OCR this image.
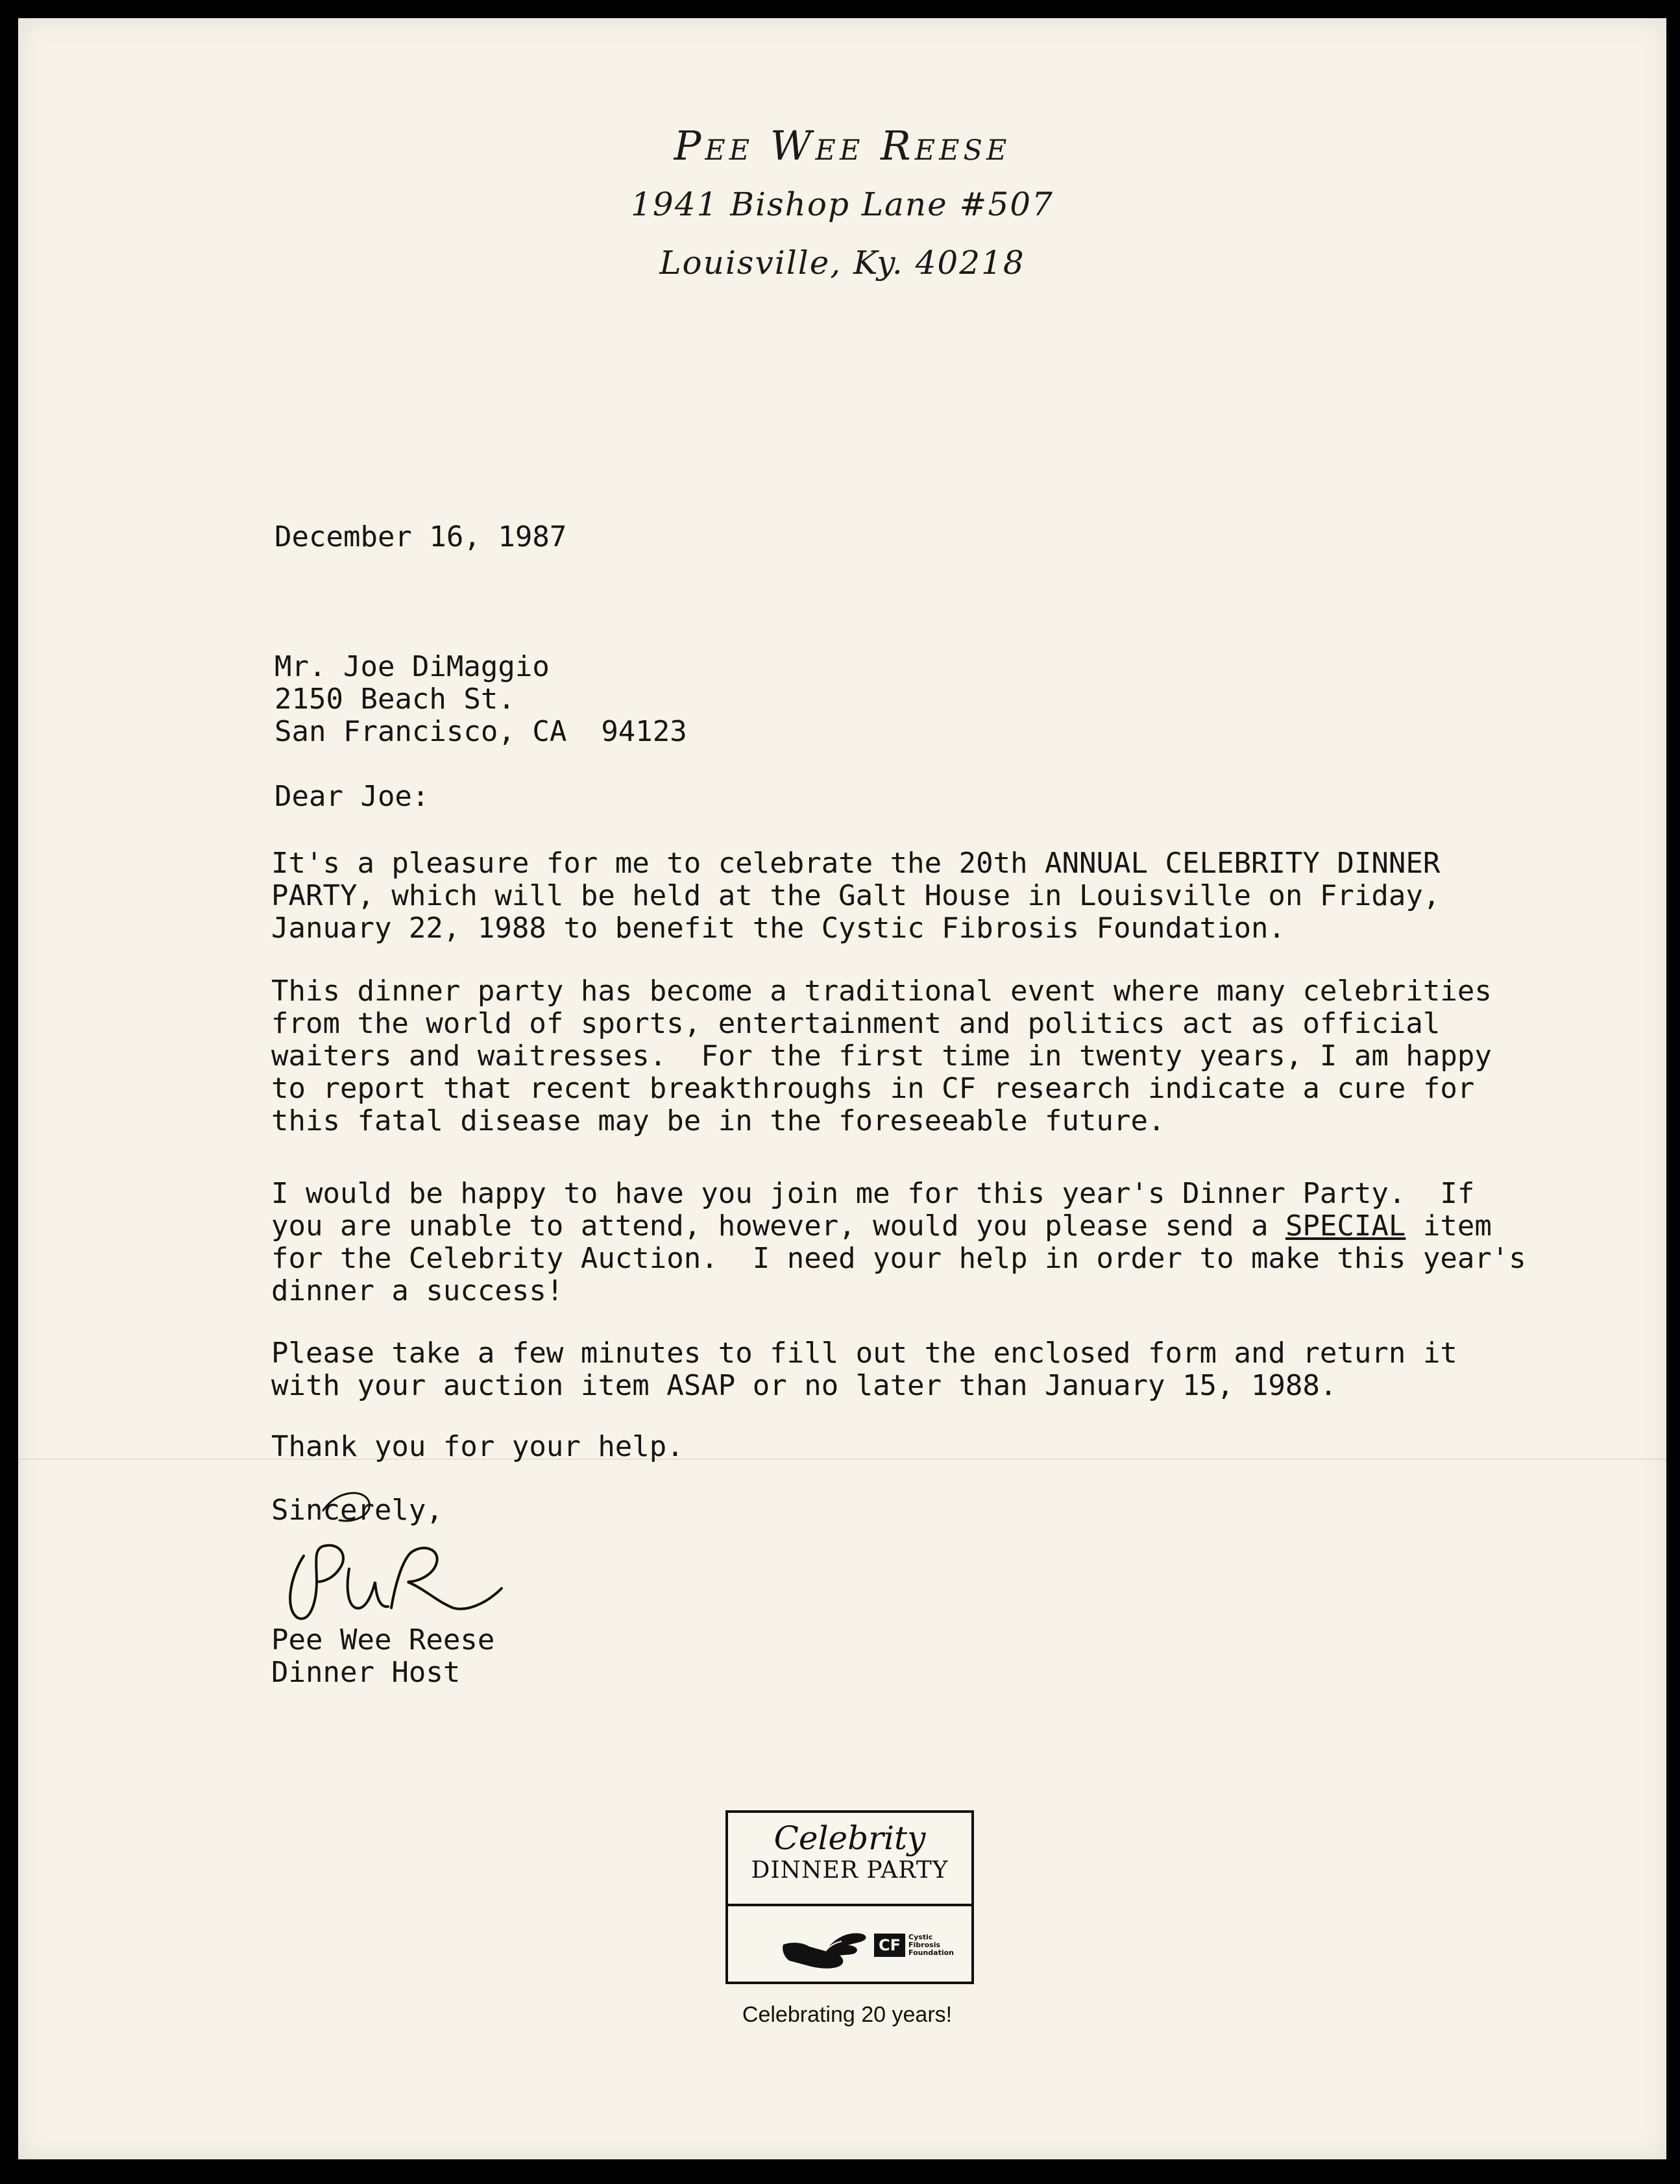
Pee Wee Reese
1941 Bishop Lane #507
Louisville, Ky. 40218
December 16, 1987
Mr. Joe DiMaggio
2150 Beach St.
San Francisco, CA  94123
Dear Joe:
It's a pleasure for me to celebrate the 20th ANNUAL CELEBRITY DINNER
PARTY, which will be held at the Galt House in Louisville on Friday,
January 22, 1988 to benefit the Cystic Fibrosis Foundation.
This dinner party has become a traditional event where many celebrities
from the world of sports, entertainment and politics act as official
waiters and waitresses.  For the first time in twenty years, I am happy
to report that recent breakthroughs in CF research indicate a cure for
this fatal disease may be in the foreseeable future.
I would be happy to have you join me for this year's Dinner Party.  If
you are unable to attend, however, would you please send a SPECIAL item
for the Celebrity Auction.  I need your help in order to make this year's
dinner a success!
Please take a few minutes to fill out the enclosed form and return it
with your auction item ASAP or no later than January 15, 1988.
Thank you for your help.
Sincerely,
Pee Wee Reese
Dinner Host
Celebrity
DINNER PARTY
CF	Cystic
Fibrosis
Foundation
Celebrating 20 years!
